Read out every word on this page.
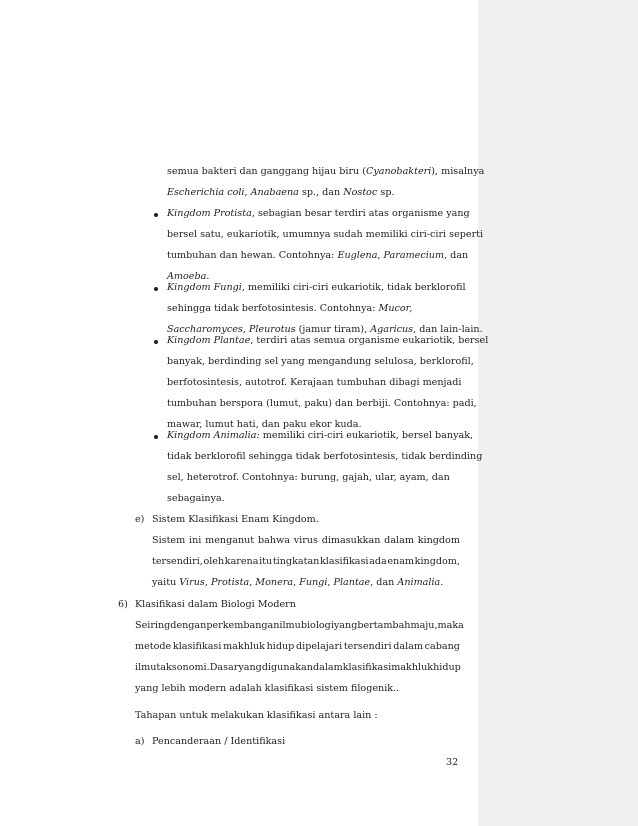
semua bakteri dan ganggang hijau biru (Cyanobakteri), misalnya
Escherichia coli, Anabaena sp., dan Nostoc sp.
Kingdom Protista, sebagian besar terdiri atas organisme yang
bersel satu, eukariotik, umumnya sudah memiliki ciri-ciri seperti
tumbuhan dan hewan. Contohnya: Euglena, Paramecium, dan
Amoeba.
Kingdom Fungi, memiliki ciri-ciri eukariotik, tidak berklorofil
sehingga tidak berfotosintesis. Contohnya: Mucor,
Saccharomyces, Pleurotus (jamur tiram), Agaricus, dan lain-lain.
Kingdom Plantae, terdiri atas semua organisme eukariotik, bersel
banyak, berdinding sel yang mengandung selulosa, berklorofil,
berfotosintesis, autotrof. Kerajaan tumbuhan dibagi menjadi
tumbuhan berspora (lumut, paku) dan berbiji. Contohnya: padi,
mawar, lumut hati, dan paku ekor kuda.
Kingdom Animalia: memiliki ciri-ciri eukariotik, bersel banyak,
tidak berklorofil sehingga tidak berfotosintesis, tidak berdinding
sel, heterotrof. Contohnya: burung, gajah, ular, ayam, dan
sebagainya.
e) Sistem Klasifikasi Enam Kingdom.
Sistem ini menganut bahwa virus dimasukkan dalam kingdom
tersendiri, oleh karena itu tingkatan klasifikasi ada enam kingdom,
yaitu Virus, Protista, Monera, Fungi, Plantae, dan Animalia.
6) Klasifikasi dalam Biologi Modern
Seiring dengan perkembangan ilmu biologi yang bertambah maju, maka
metode klasifikasi makhluk hidup dipelajari tersendiri dalam cabang
ilmu taksonomi. Dasar yang digunakan dalam klasifikasi makhluk hidup
yang lebih modern adalah klasifikasi sistem filogenik..
Tahapan untuk melakukan klasifikasi antara lain :
a) Pencanderaan / Identifikasi
32
